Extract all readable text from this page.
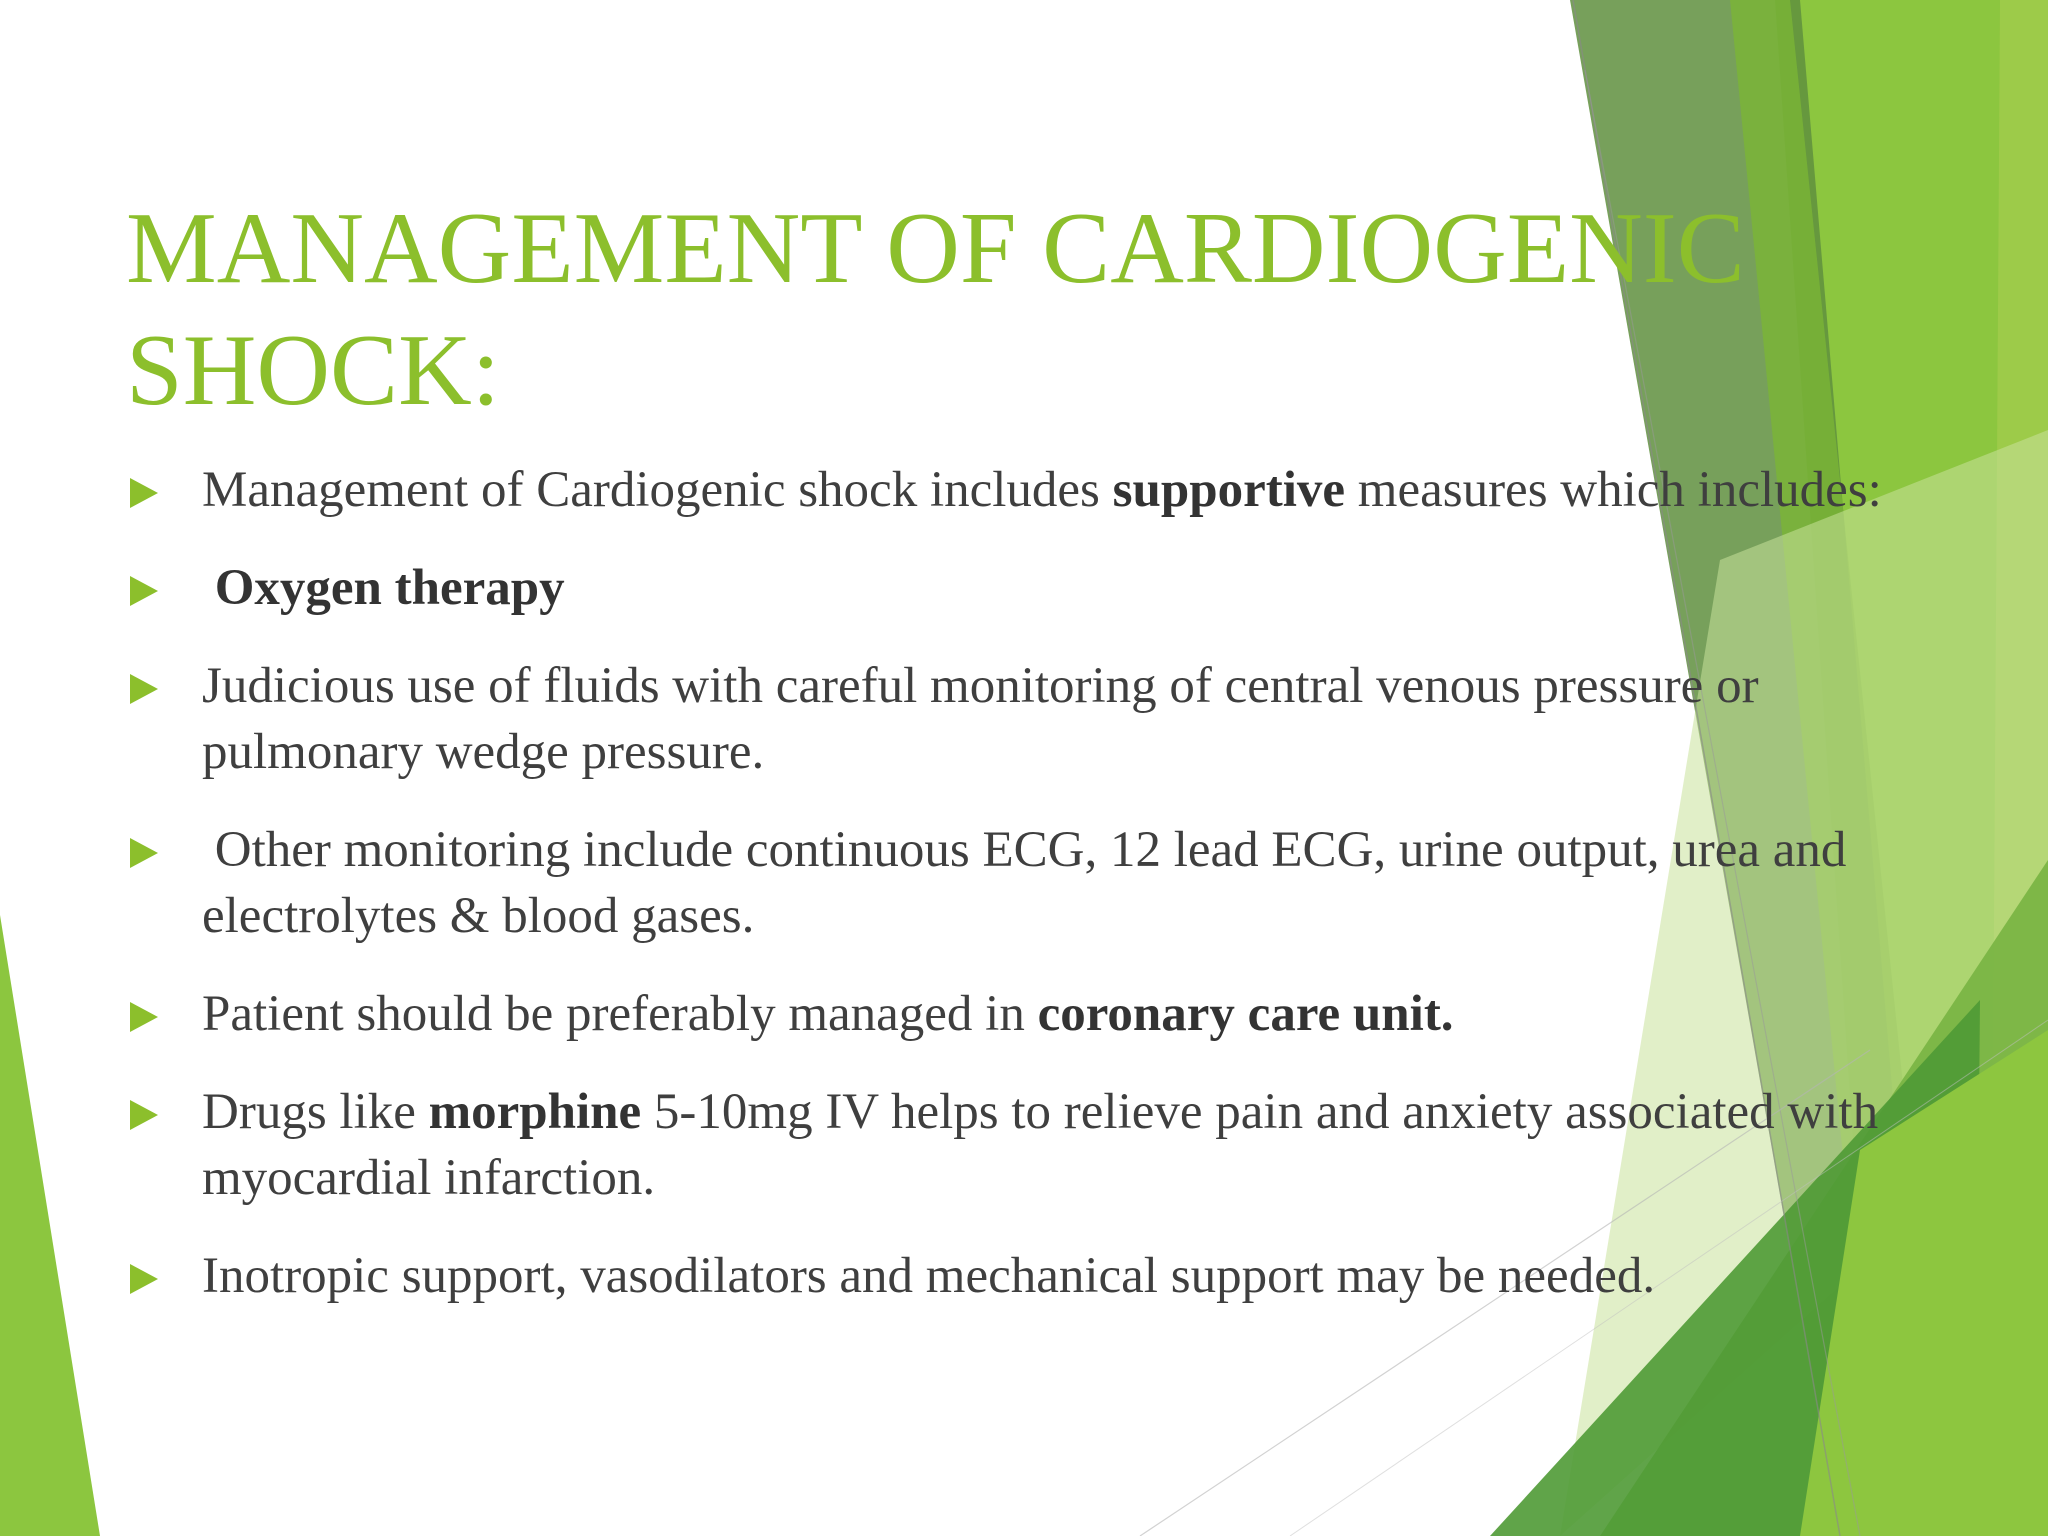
MANAGEMENT OF CARDIOGENIC
SHOCK:
Management of Cardiogenic shock includes supportive measures which includes:
Oxygen therapy
Judicious use of fluids with careful monitoring of central venous pressure or pulmonary wedge pressure.
Other monitoring include continuous ECG, 12 lead ECG, urine output, urea and electrolytes & blood gases.
Patient should be preferably managed in coronary care unit.
Drugs like morphine 5-10mg IV helps to relieve pain and anxiety associated with myocardial infarction.
Inotropic support, vasodilators and mechanical support may be needed.
